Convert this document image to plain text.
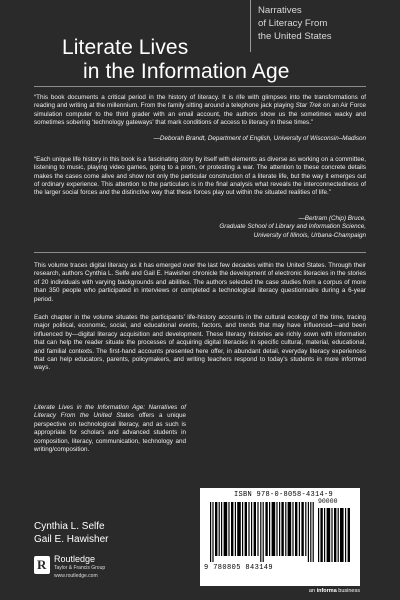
Narratives
of Literacy From
the United States
Literate Lives
in the Information Age
“This book documents a critical period in the history of literacy. It is rife with glimpses into the transformations of reading and writing at the millennium. From the family sitting around a telephone jack playing Star Trek on an Air Force simulation computer to the third grader with an email account, the authors show us the sometimes wacky and sometimes sobering ‘technology gateways’ that mark conditions of access to literacy in these times.”
—Deborah Brandt, Department of English, University of Wisconsin–Madison
“Each unique life history in this book is a fascinating story by itself with elements as diverse as working on a committee, listening to music, playing video games, going to a prom, or protesting a war. The attention to these concrete details makes the cases come alive and show not only the particular construction of a literate life, but the way it emerges out of ordinary experience. This attention to the particulars is in the final analysis what reveals the interconnectedness of the larger social forces and the distinctive way that these forces play out within the situated realities of life.”
—Bertram (Chip) Bruce,
Graduate School of Library and Information Science,
University of Illinois, Urbana-Champaign
This volume traces digital literacy as it has emerged over the last few decades within the United States. Through their research, authors Cynthia L. Selfe and Gail E. Hawisher chronicle the development of electronic literacies in the stories of 20 individuals with varying backgrounds and abilities. The authors selected the case studies from a corpus of more than 350 people who participated in interviews or completed a technological literacy questionnaire during a 6-year period.
Each chapter in the volume situates the participants’ life-history accounts in the cultural ecology of the time, tracing major political, economic, social, and educational events, factors, and trends that may have influenced—and been influenced by—digital literacy acquisition and development. These literacy histories are richly sown with information that can help the reader situate the processes of acquiring digital literacies in specific cultural, material, educational, and familial contexts. The first-hand accounts presented here offer, in abundant detail, everyday literacy experiences that can help educators, parents, policymakers, and writing teachers respond to today’s students in more informed ways.
Literate Lives in the Information Age: Narratives of Literacy From the United States offers a unique perspective on technological literacy, and as such is appropriate for scholars and advanced students in composition, literacy, communication, technology and writing/composition.
Cynthia L. Selfe
Gail E. Hawisher
R Routledge
Taylor & Francis Group
www.routledge.com
ISBN 978-0-8058-4314-9
90000
9 780805 843149
an informa business
